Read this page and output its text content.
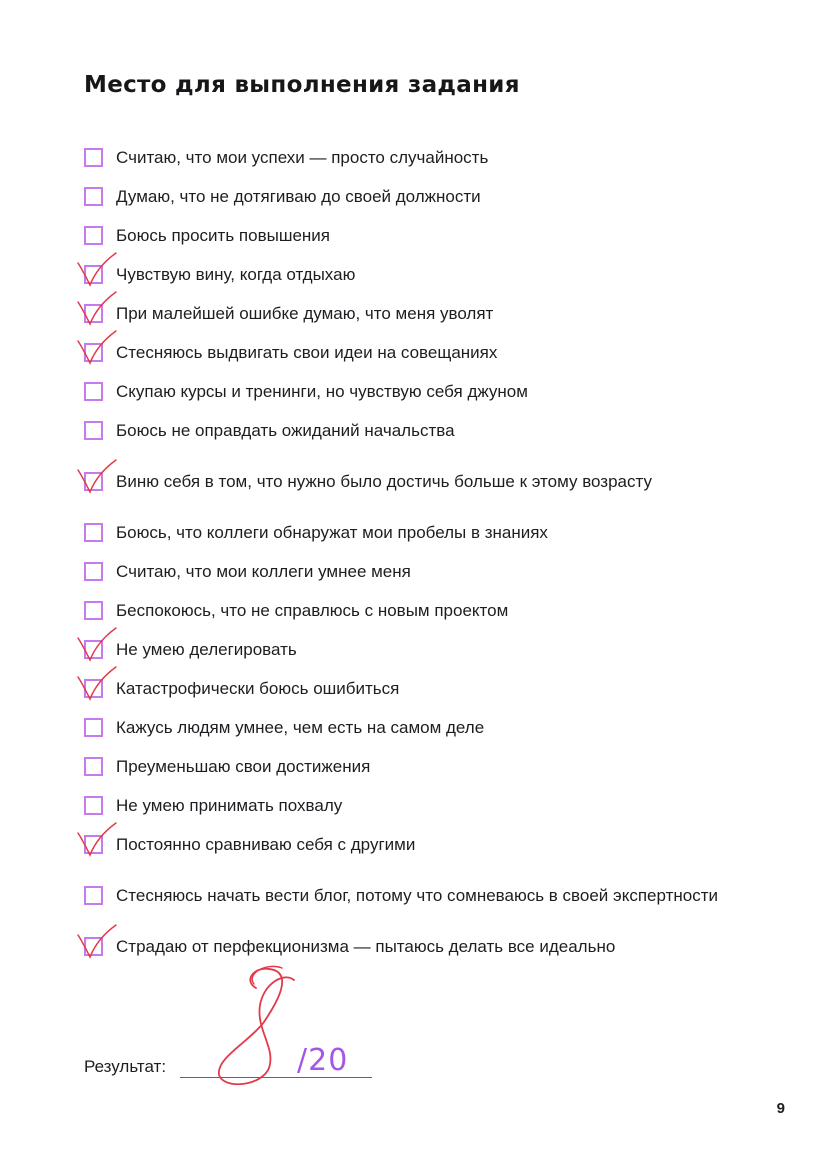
Место для выполнения задания
Считаю, что мои успехи — просто случайность
Думаю, что не дотягиваю до своей должности
Боюсь просить повышения
Чувствую вину, когда отдыхаю
При малейшей ошибке думаю, что меня уволят
Стесняюсь выдвигать свои идеи на совещаниях
Скупаю курсы и тренинги, но чувствую себя джуном
Боюсь не оправдать ожиданий начальства
Виню себя в том, что нужно было достичь больше к этому возрасту
Боюсь, что коллеги обнаружат мои пробелы в знаниях
Считаю, что мои коллеги умнее меня
Беспокоюсь, что не справлюсь с новым проектом
Не умею делегировать
Катастрофически боюсь ошибиться
Кажусь людям умнее, чем есть на самом деле
Преуменьшаю свои достижения
Не умею принимать похвалу
Постоянно сравниваю себя с другими
Стесняюсь начать вести блог, потому что сомневаюсь в своей экспертности
Страдаю от перфекционизма — пытаюсь делать все идеально
Результат:	/20
9
